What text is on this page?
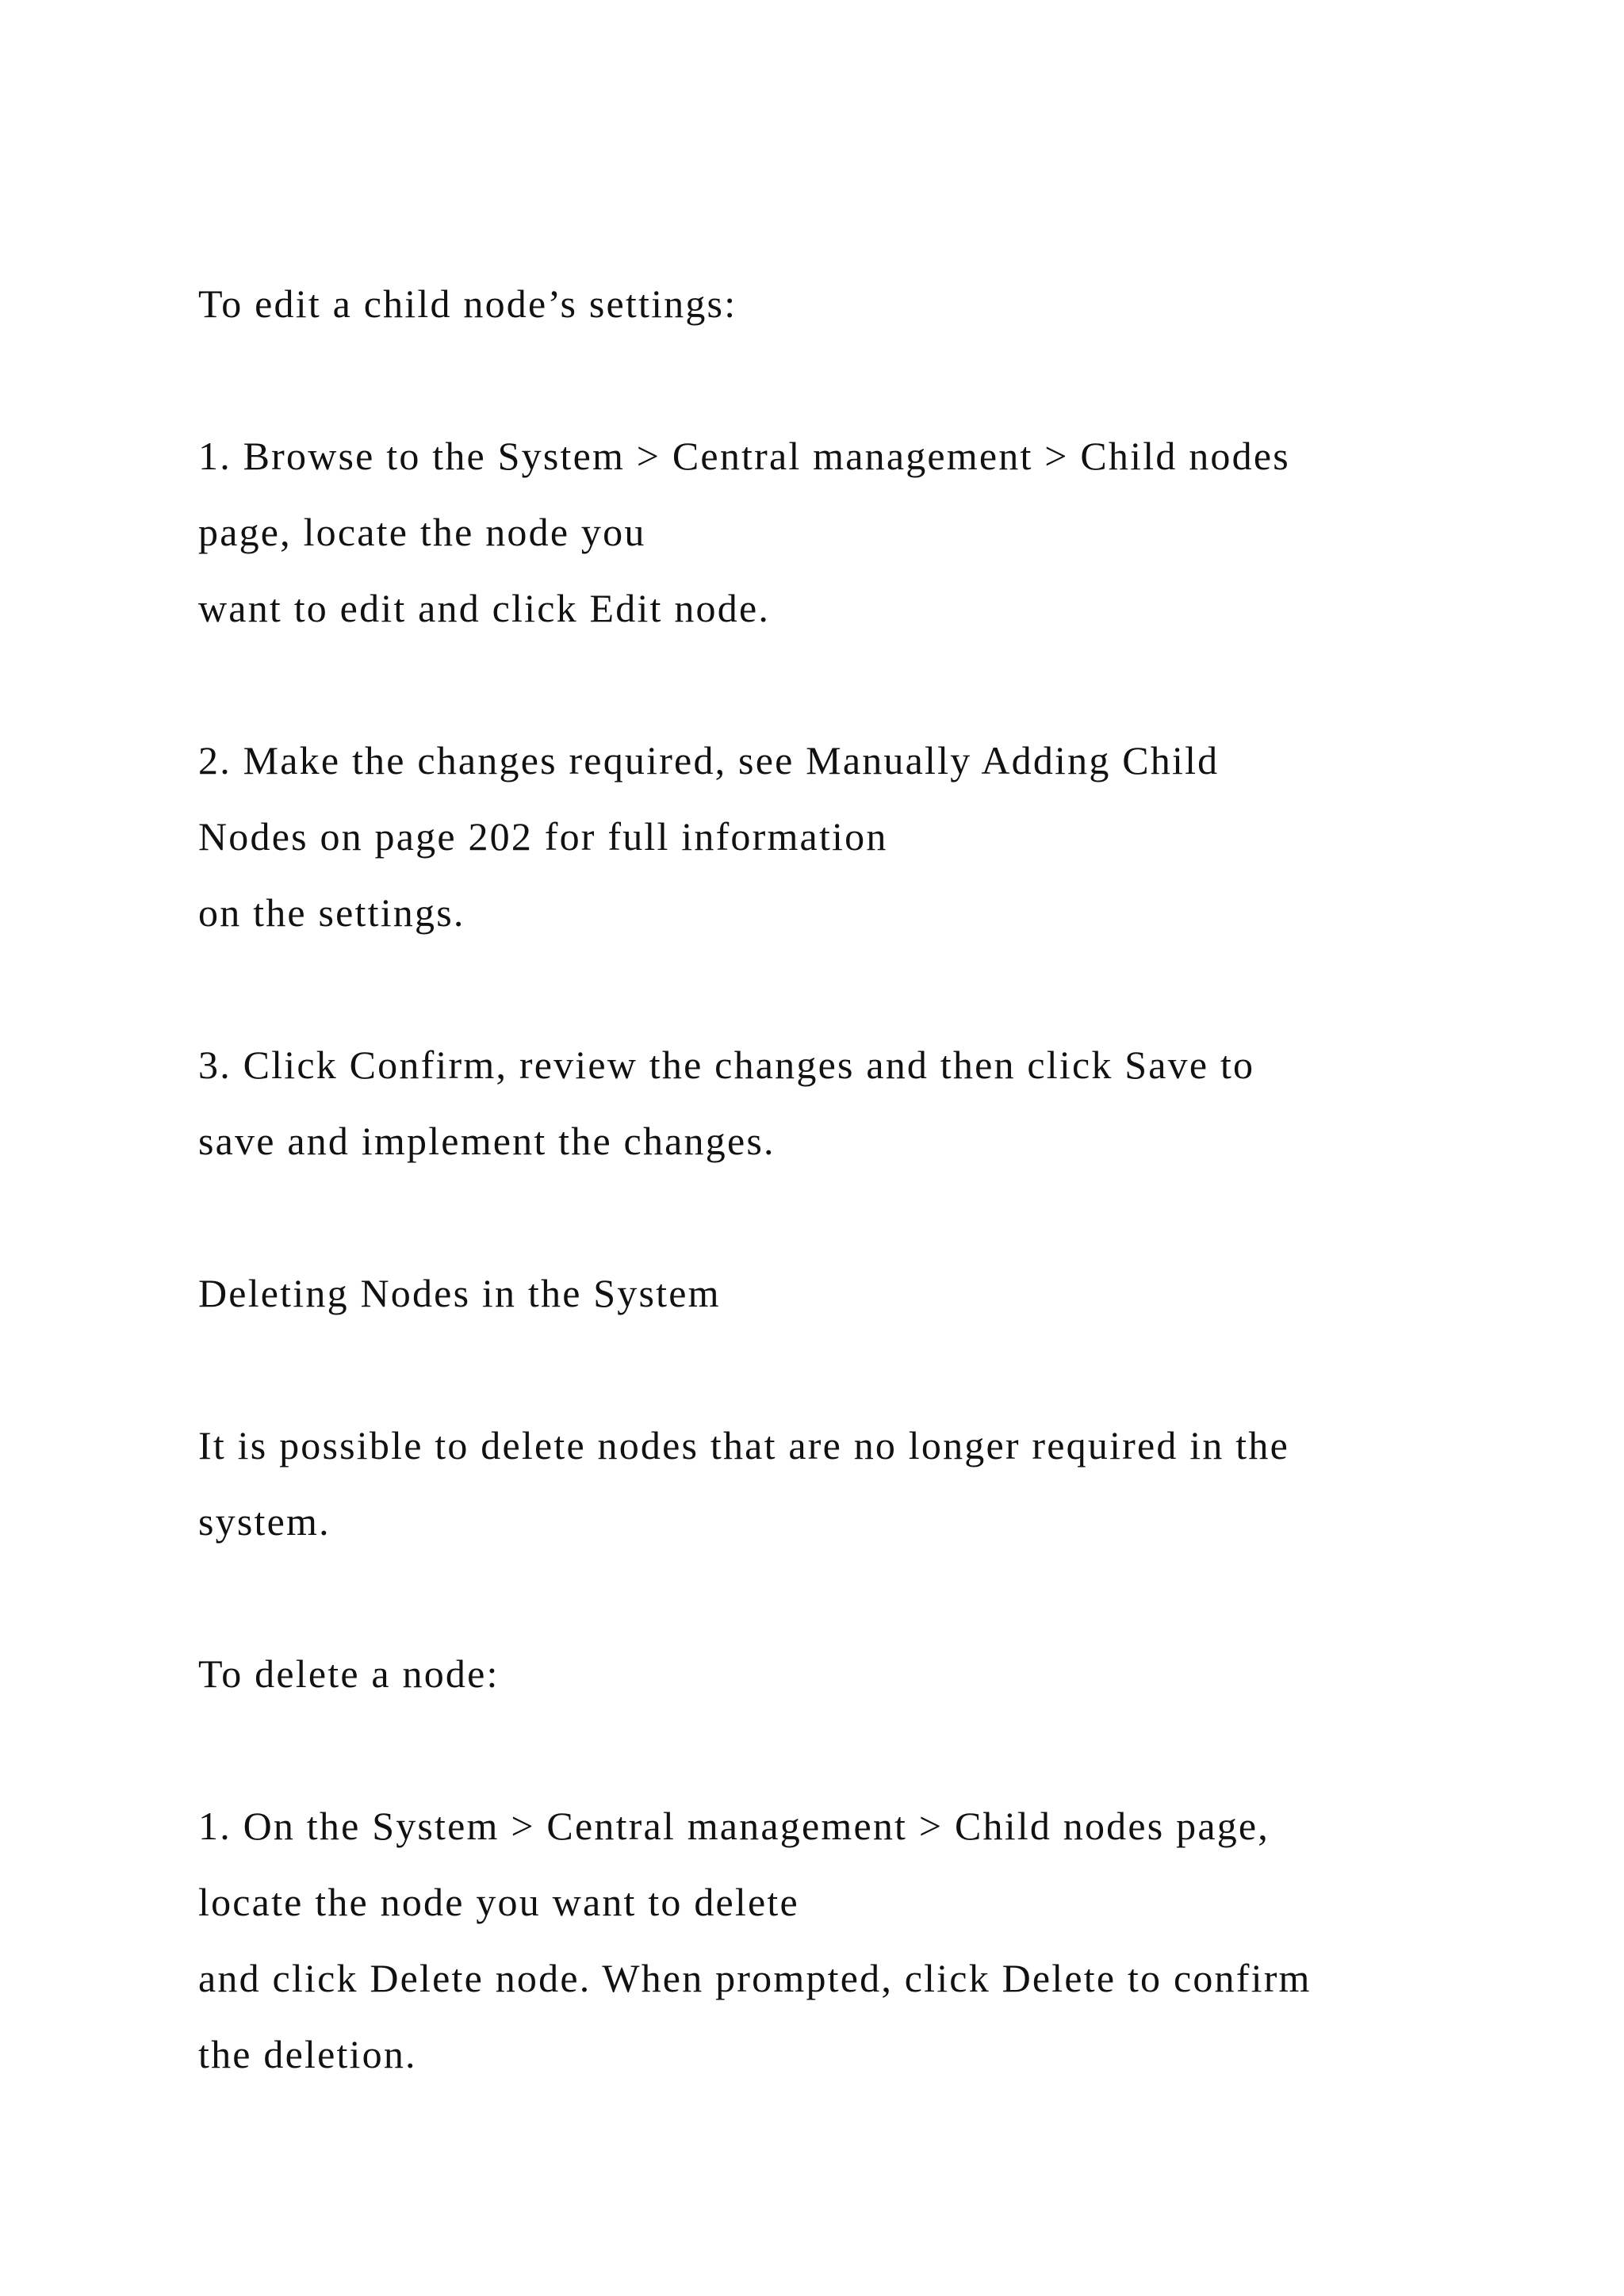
To edit a child node’s settings:
1. Browse to the System > Central management > Child nodes
page, locate the node you
want to edit and click Edit node.
2. Make the changes required, see Manually Adding Child
Nodes on page 202 for full information
on the settings.
3. Click Confirm, review the changes and then click Save to
save and implement the changes.
Deleting Nodes in the System
It is possible to delete nodes that are no longer required in the
system.
To delete a node:
1. On the System > Central management > Child nodes page,
locate the node you want to delete
and click Delete node. When prompted, click Delete to confirm
the deletion.
